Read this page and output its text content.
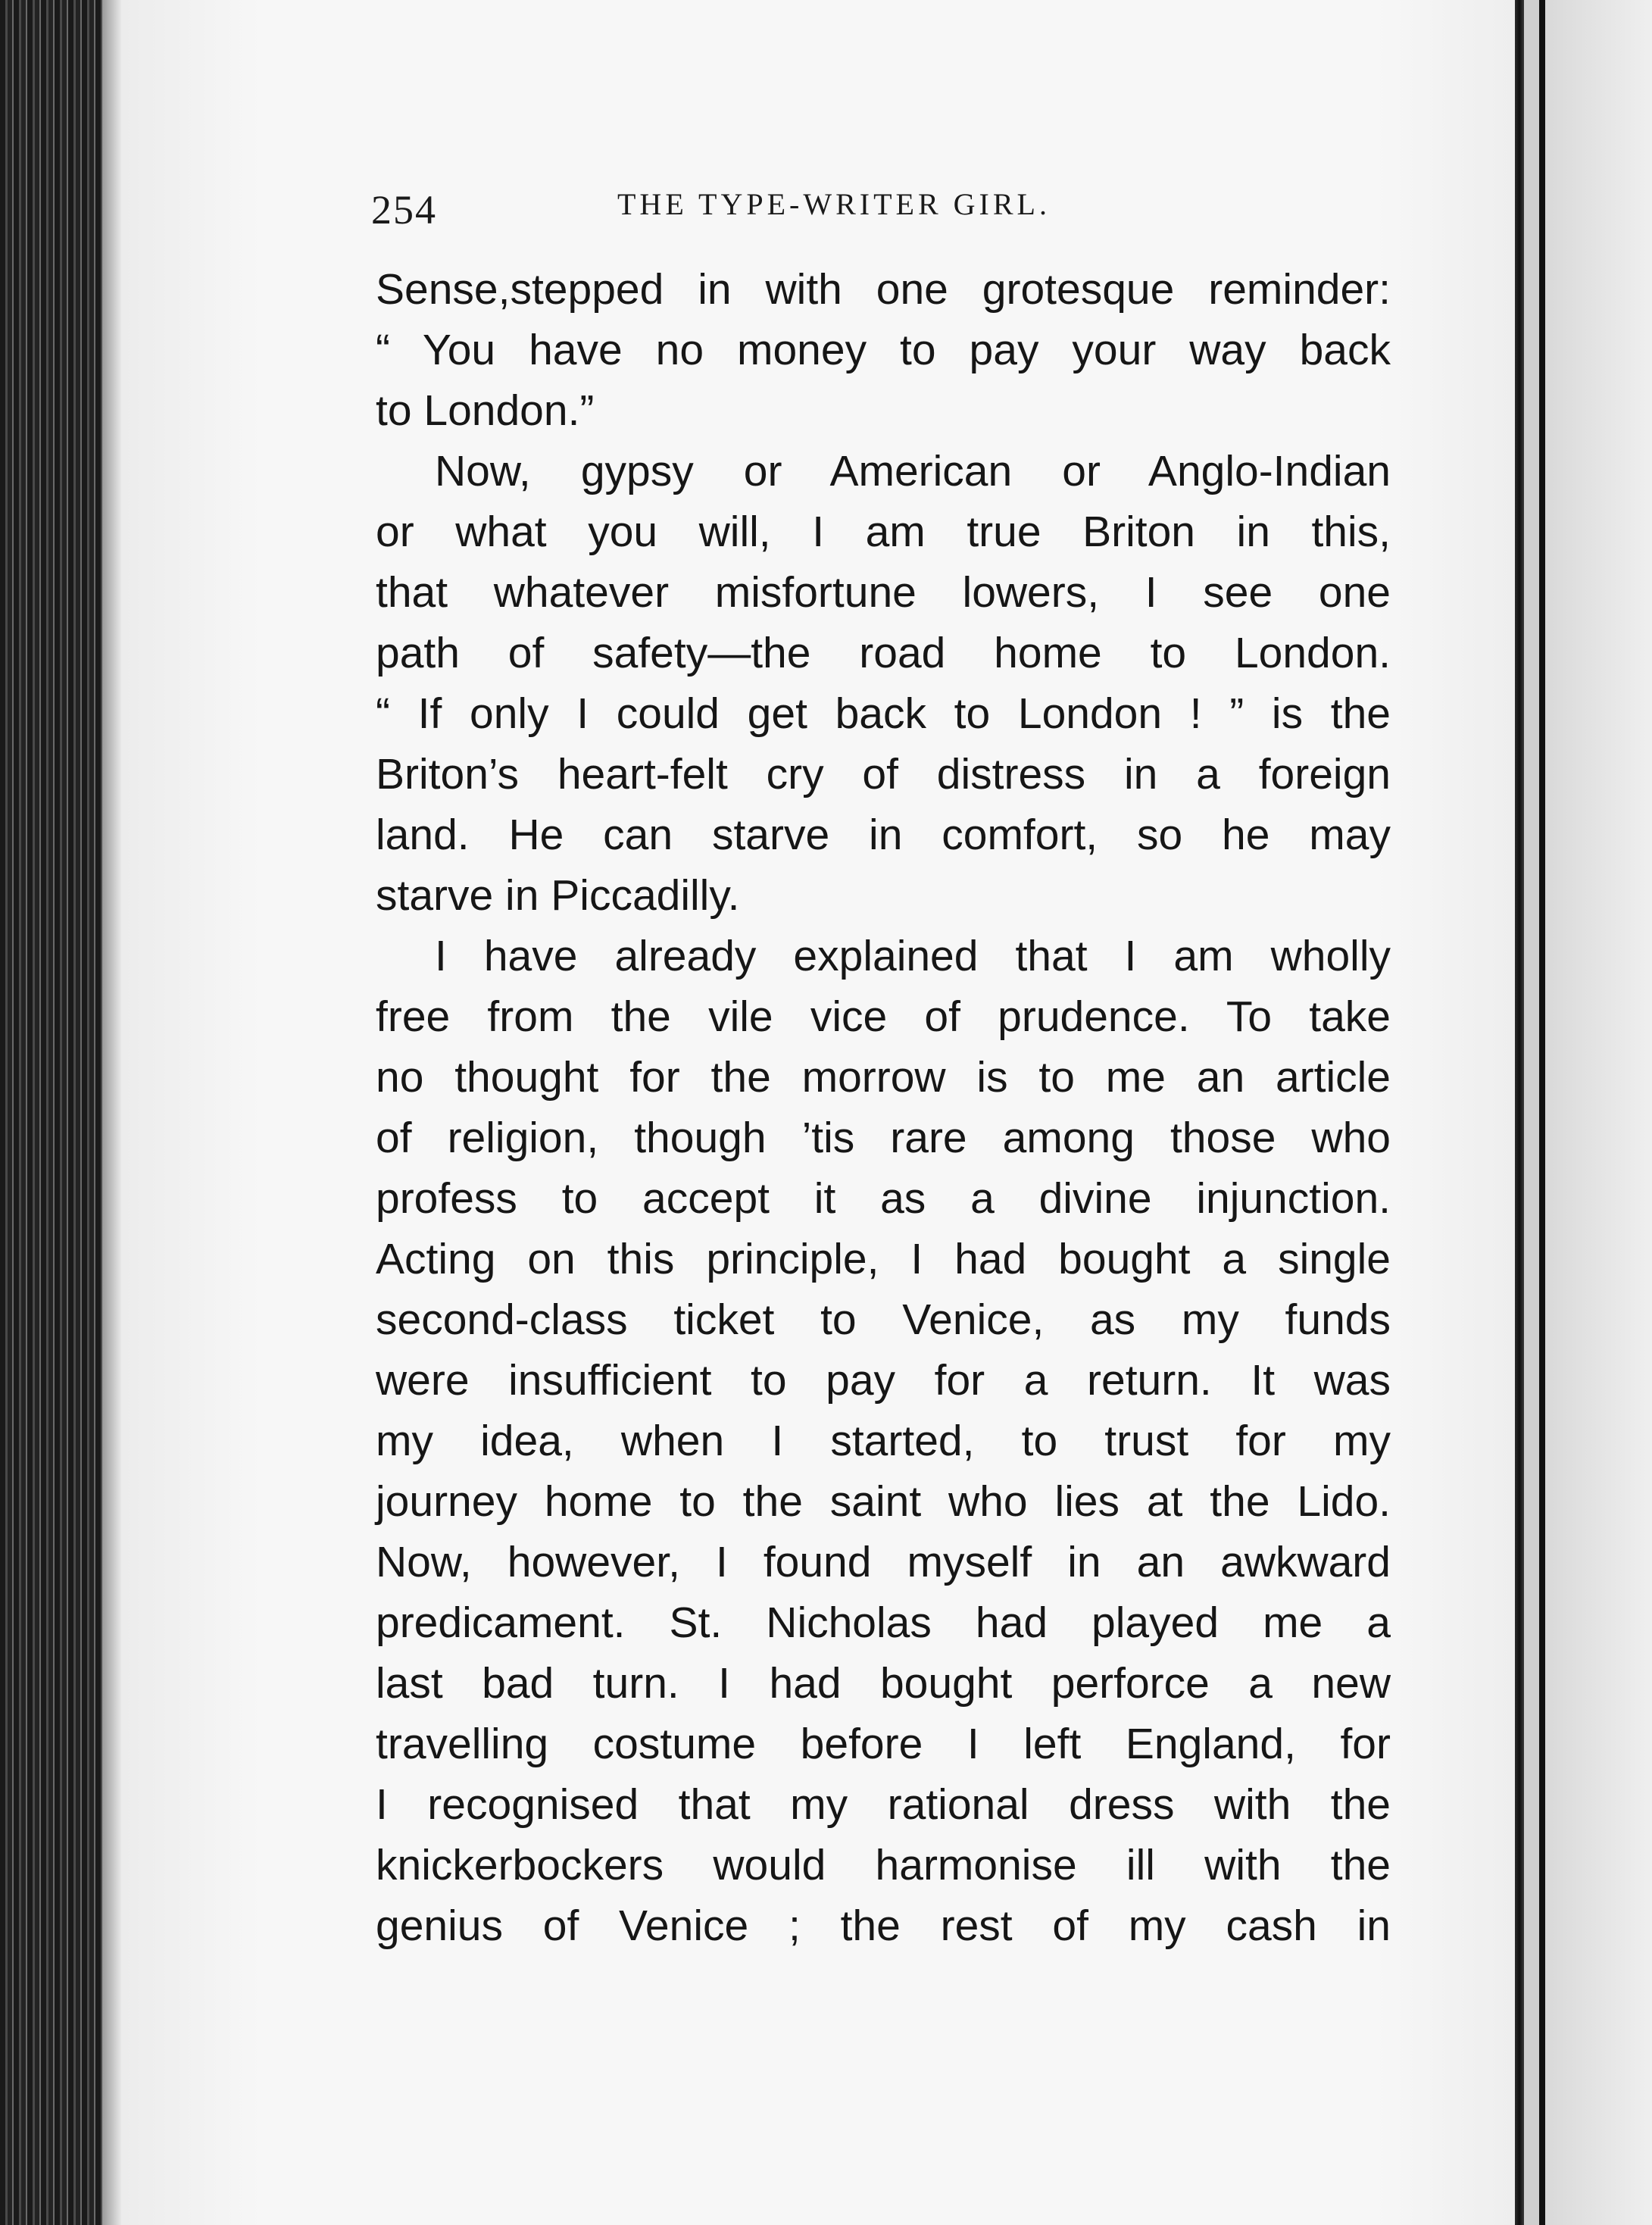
254	THE TYPE-WRITER GIRL.
Sense,stepped in with one grotesque reminder:
“ You have no money to pay your way back
to London.”
Now, gypsy or American or Anglo-Indian
or what you will, I am true Briton in this,
that whatever misfortune lowers, I see one
path of safety—the road home to London.
“ If only I could get back to London ! ” is the
Briton’s heart-felt cry of distress in a foreign
land. He can starve in comfort, so he may
starve in Piccadilly.
I have already explained that I am wholly
free from the vile vice of prudence. To take
no thought for the morrow is to me an article
of religion, though ’tis rare among those who
profess to accept it as a divine injunction.
Acting on this principle, I had bought a single
second-class ticket to Venice, as my funds
were insufficient to pay for a return. It was
my idea, when I started, to trust for my
journey home to the saint who lies at the Lido.
Now, however, I found myself in an awkward
predicament. St. Nicholas had played me a
last bad turn. I had bought perforce a new
travelling costume before I left England, for
I recognised that my rational dress with the
knickerbockers would harmonise ill with the
genius of Venice ; the rest of my cash in
